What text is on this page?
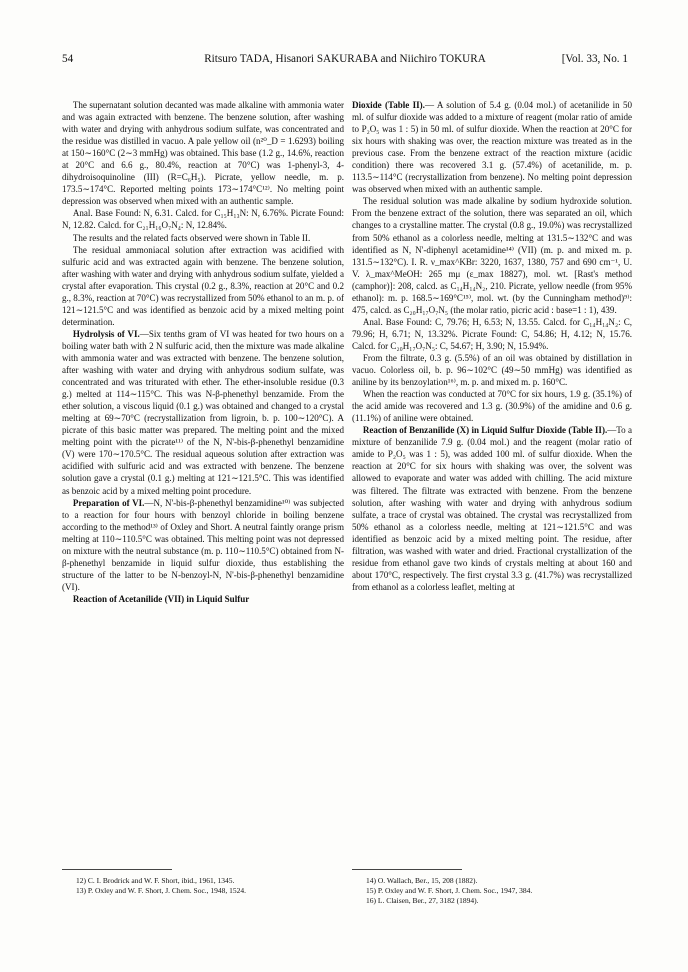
54	Ritsuro TADA, Hisanori SAKURABA and Niichiro TOKURA	[Vol. 33, No. 1

The supernatant solution decanted was made alkaline with ammonia water and was again extracted with benzene. The benzene solution, after washing with water and drying with anhydrous sodium sulfate, was concentrated and the residue was distilled in vacuo. A pale yellow oil (n²⁰_D = 1.6293) boiling at 150∼160°C (2∼3 mmHg) was obtained. This base (1.2 g., 14.6%, reaction at 20°C and 6.6 g., 80.4%, reaction at 70°C) was 1-phenyl-3, 4-dihydroisoquinoline (III) (R=C₆H₅). Picrate, yellow needle, m. p. 173.5∼174°C. Reported melting points 173∼174°C¹²⁾. No melting point depression was observed when mixed with an authentic sample.

Anal. Base Found: N, 6.31. Calcd. for C₁₅H₁₃N: N, 6.76%. Picrate Found: N, 12.82. Calcd. for C₂₁H₁₆O₇N₄: N, 12.84%.

The results and the related facts observed were shown in Table II.

The residual ammoniacal solution after extraction was acidified with sulfuric acid and was extracted again with benzene. The benzene solution, after washing with water and drying with anhydrous sodium sulfate, yielded a crystal after evaporation. This crystal (0.2 g., 8.3%, reaction at 20°C and 0.2 g., 8.3%, reaction at 70°C) was recrystallized from 50% ethanol to an m. p. of 121∼121.5°C and was identified as benzoic acid by a mixed melting point determination.

Hydrolysis of VI.—Six tenths gram of VI was heated for two hours on a boiling water bath with 2 N sulfuric acid, then the mixture was made alkaline with ammonia water and was extracted with benzene. The benzene solution, after washing with water and drying with anhydrous sodium sulfate, was concentrated and was triturated with ether. The ether-insoluble residue (0.3 g.) melted at 114∼115°C. This was N-β-phenethyl benzamide. From the ether solution, a viscous liquid (0.1 g.) was obtained and changed to a crystal melting at 69∼70°C (recrystallization from ligroin, b. p. 100∼120°C). A picrate of this basic matter was prepared. The melting point and the mixed melting point with the picrate¹¹⁾ of the N, N'-bis-β-phenethyl benzamidine (V) were 170∼170.5°C. The residual aqueous solution after extraction was acidified with sulfuric acid and was extracted with benzene. The benzene solution gave a crystal (0.1 g.) melting at 121∼121.5°C. This was identified as benzoic acid by a mixed melting point procedure.

Preparation of VI.—N, N'-bis-β-phenethyl benzamidine¹⁰⁾ was subjected to a reaction for four hours with benzoyl chloride in boiling benzene according to the method¹³⁾ of Oxley and Short. A neutral faintly orange prism melting at 110∼110.5°C was obtained. This melting point was not depressed on mixture with the neutral substance (m. p. 110∼110.5°C) obtained from N-β-phenethyl benzamide in liquid sulfur dioxide, thus establishing the structure of the latter to be N-benzoyl-N, N'-bis-β-phenethyl benzamidine (VI).

Reaction of Acetanilide (VII) in Liquid Sulfur

Dioxide (Table II).— A solution of 5.4 g. (0.04 mol.) of acetanilide in 50 ml. of sulfur dioxide was added to a mixture of reagent (molar ratio of amide to P₂O₅ was 1 : 5) in 50 ml. of sulfur dioxide. When the reaction at 20°C for six hours with shaking was over, the reaction mixture was treated as in the previous case. From the benzene extract of the reaction mixture (acidic condition) there was recovered 3.1 g. (57.4%) of acetanilide, m. p. 113.5∼114°C (recrystallization from benzene). No melting point depression was observed when mixed with an authentic sample.

The residual solution was made alkaline by sodium hydroxide solution. From the benzene extract of the solution, there was separated an oil, which changes to a crystalline matter. The crystal (0.8 g., 19.0%) was recrystallized from 50% ethanol as a colorless needle, melting at 131.5∼132°C and was identified as N, N'-diphenyl acetamidine¹⁴⁾ (VII) (m. p. and mixed m. p. 131.5∼132°C). I. R. ν_max^KBr: 3220, 1637, 1380, 757 and 690 cm⁻¹, U. V. λ_max^MeOH: 265 mμ (ε_max 18827), mol. wt. [Rast's method (camphor)]: 208, calcd. as C₁₄H₁₄N₂, 210. Picrate, yellow needle (from 95% ethanol): m. p. 168.5∼169°C¹⁵⁾, mol. wt. (by the Cunningham method)⁹⁾: 475, calcd. as C₂₀H₁₇O₇N₅ (the molar ratio, picric acid : base=1 : 1), 439.

Anal. Base Found: C, 79.76; H, 6.53; N, 13.55. Calcd. for C₁₄H₁₄N₂: C, 79.96; H, 6.71; N, 13.32%. Picrate Found: C, 54.86; H, 4.12; N, 15.76. Calcd. for C₂₀H₁₇O₇N₅: C, 54.67; H, 3.90; N, 15.94%.

From the filtrate, 0.3 g. (5.5%) of an oil was obtained by distillation in vacuo. Colorless oil, b. p. 96∼102°C (49∼50 mmHg) was identified as aniline by its benzoylation¹⁶⁾, m. p. and mixed m. p. 160°C.

When the reaction was conducted at 70°C for six hours, 1.9 g. (35.1%) of the acid amide was recovered and 1.3 g. (30.9%) of the amidine and 0.6 g. (11.1%) of aniline were obtained.

Reaction of Benzanilide (X) in Liquid Sulfur Dioxide (Table II).—To a mixture of benzanilide 7.9 g. (0.04 mol.) and the reagent (molar ratio of amide to P₂O₅ was 1 : 5), was added 100 ml. of sulfur dioxide. When the reaction at 20°C for six hours with shaking was over, the solvent was allowed to evaporate and water was added with chilling. The acid mixture was filtered. The filtrate was extracted with benzene. From the benzene solution, after washing with water and drying with anhydrous sodium sulfate, a trace of crystal was obtained. The crystal was recrystallized from 50% ethanol as a colorless needle, melting at 121∼121.5°C and was identified as benzoic acid by a mixed melting point. The residue, after filtration, was washed with water and dried. Fractional crystallization of the residue from ethanol gave two kinds of crystals melting at about 160 and about 170°C, respectively. The first crystal 3.3 g. (41.7%) was recrystallized from ethanol as a colorless leaflet, melting at

12) C. I. Brodrick and W. F. Short, ibid., 1961, 1345.
13) P. Oxley and W. F. Short, J. Chem. Soc., 1948, 1524.
14) O. Wallach, Ber., 15, 208 (1882).
15) P. Oxley and W. F. Short, J. Chem. Soc., 1947, 384.
16) L. Claisen, Ber., 27, 3182 (1894).
